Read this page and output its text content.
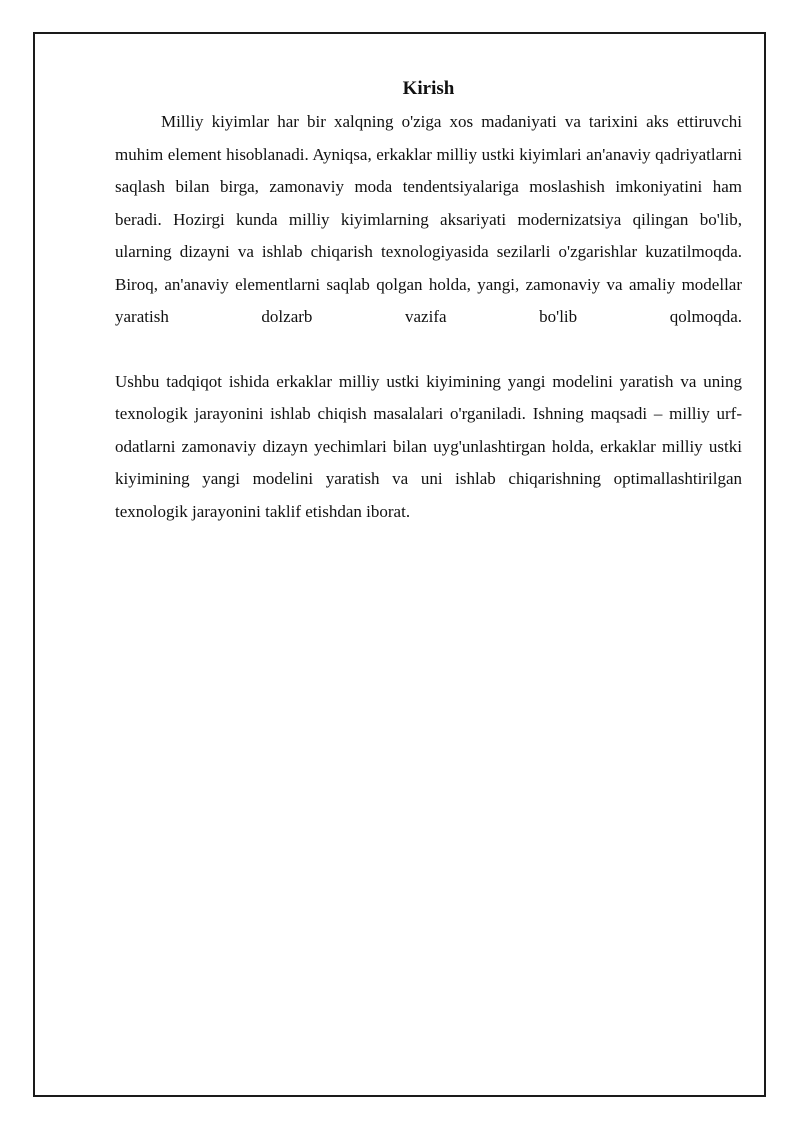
Kirish

Milliy kiyimlar har bir xalqning o'ziga xos madaniyati va tarixini aks ettiruvchi muhim element hisoblanadi. Ayniqsa, erkaklar milliy ustki kiyimlari an'anaviy qadriyatlarni saqlash bilan birga, zamonaviy moda tendentsiyalariga moslashish imkoniyatini ham beradi. Hozirgi kunda milliy kiyimlarning aksariyati modernizatsiya qilingan bo'lib, ularning dizayni va ishlab chiqarish texnologiyasida sezilarli o'zgarishlar kuzatilmoqda. Biroq, an'anaviy elementlarni saqlab qolgan holda, yangi, zamonaviy va amaliy modellar yaratish dolzarb vazifa bo'lib qolmoqda.

Ushbu tadqiqot ishida erkaklar milliy ustki kiyimining yangi modelini yaratish va uning texnologik jarayonini ishlab chiqish masalalari o'rganiladi. Ishning maqsadi – milliy urf-odatlarni zamonaviy dizayn yechimlari bilan uyg'unlashtirgan holda, erkaklar milliy ustki kiyimining yangi modelini yaratish va uni ishlab chiqarishning optimallashtirilgan texnologik jarayonini taklif etishdan iborat.
